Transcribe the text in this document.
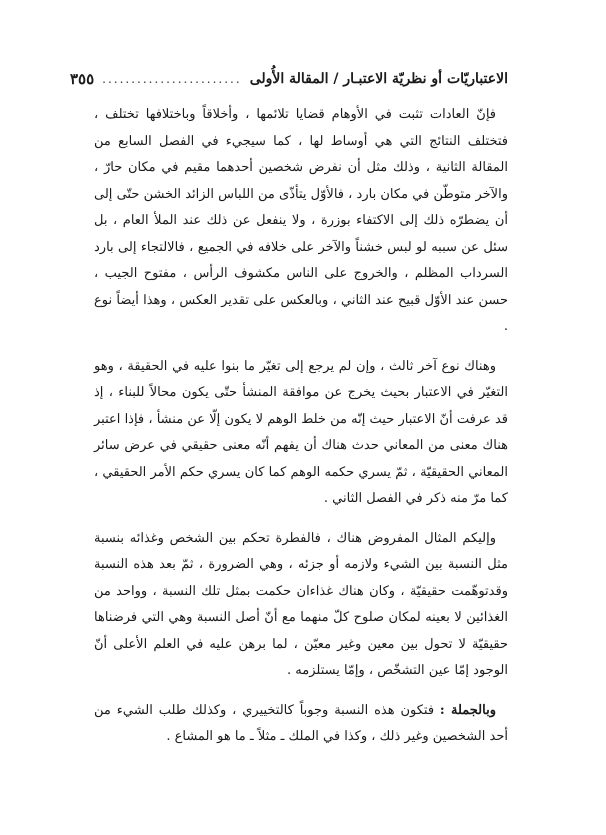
الاعتباريّات أو نظريّة الاعتبـار / المقالة الأُولى
........................
٣٥٥

فإنّ العادات تثبت في الأوهام قضايا تلائمها ، وأخلاقاً وباختلافها تختلف ، فتختلف النتائج التي هي أوساط لها ، كما سيجيء في الفصل السابع من المقالة الثانية ، وذلك مثل أن نفرض شخصين أحدهما مقيم في مكان حارّ ، والآخر متوطّن في مكان بارد ، فالأوّل يتأذّى من اللباس الزائد الخشن حتّى إلى أن يضطرّه ذلك إلى الاكتفاء بوزرة ، ولا ينفعل عن ذلك عند الملأ العام ، بل سئل عن سببه لو لبس خشناً والآخر على خلافه في الجميع ، فالالتجاء إلى بارد السرداب المظلم ، والخروج على الناس مكشوف الرأس ، مفتوح الجيب ، حسن عند الأوّل قبيح عند الثاني ، وبالعكس على تقدير العكس ، وهذا أيضاً نوع .

وهناك نوع آخر ثالث ، وإن لم يرجع إلى تغيّر ما بنوا عليه في الحقيقة ، وهو التغيّر في الاعتبار بحيث يخرج عن موافقة المنشأ حتّى يكون محالاً للبناء ، إذ قد عرفت أنّ الاعتبار حيث إنّه من خلط الوهم لا يكون إلّا عن منشأ ، فإذا اعتبر هناك معنى من المعاني حدث هناك أن يفهم أنّه معنى حقيقي في عرض سائر المعاني الحقيقيّة ، ثمّ يسري حكمه الوهم كما كان يسري حكم الأمر الحقيقي ، كما مرّ منه ذكر في الفصل الثاني .

وإليكم المثال المفروض هناك ، فالفطرة تحكم بين الشخص وغذائه بنسبة مثل النسبة بين الشيء ولازمه أو جزئه ، وهي الضرورة ، ثمّ بعد هذه النسبة وقدتوهّمت حقيقيّة ، وكان هناك غذاءان حكمت بمثل تلك النسبة ، وواحد من الغذائين لا بعينه لمكان صلوح كلّ منهما مع أنّ أصل النسبة وهي التي فرضناها حقيقيّة لا تحول بين معين وغير معيّن ، لما برهن عليه في العلم الأعلى أنّ الوجود إمّا عين التشخّص ، وإمّا يستلزمه .

وبالجملة : فتكون هذه النسبة وجوباً كالتخييري ، وكذلك طلب الشيء من أحد الشخصين وغير ذلك ، وكذا في الملك ـ مثلاً ـ ما هو المشاع .
